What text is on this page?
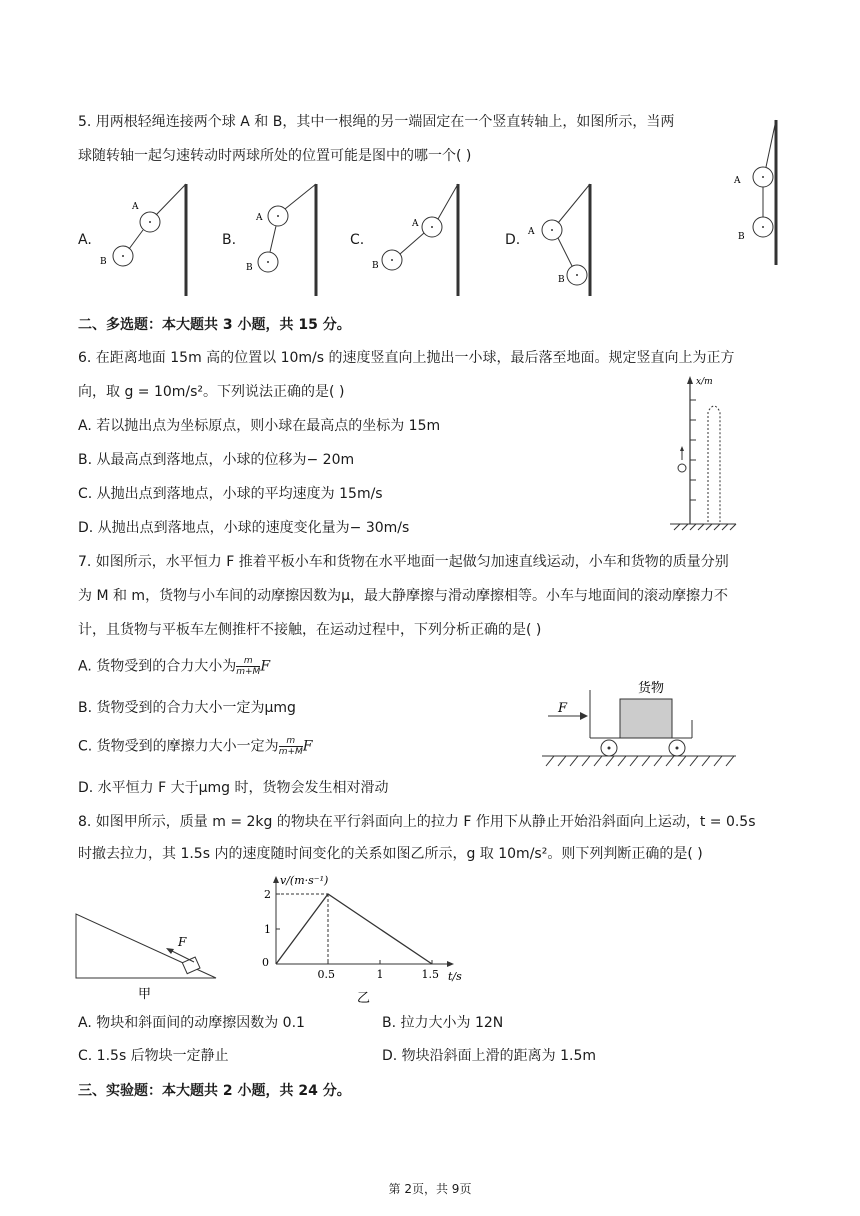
5. 用两根轻绳连接两个球 A 和 B，其中一根绳的另一端固定在一个竖直转轴上，如图所示，当两
球随转轴一起匀速转动时两球所处的位置可能是图中的哪一个( )
A
B
A.
A
B
B.
A
B
C.
A
B
D. A
B
二、多选题：本大题共 3 小题，共 15 分。
6. 在距离地面 15m 高的位置以 10m/s 的速度竖直向上抛出一小球，最后落至地面。规定竖直向上为正方
向，取 g = 10m/s²。下列说法正确的是( )
A. 若以抛出点为坐标原点，则小球在最高点的坐标为 15m
B. 从最高点到落地点，小球的位移为− 20m
C. 从抛出点到落地点，小球的平均速度为 15m/s
D. 从抛出点到落地点，小球的速度变化量为− 30m/s
x/m
7. 如图所示，水平恒力 F 推着平板小车和货物在水平地面一起做匀加速直线运动，小车和货物的质量分别
为 M 和 m，货物与小车间的动摩擦因数为μ，最大静摩擦与滑动摩擦相等。小车与地面间的滚动摩擦力不
计，且货物与平板车左侧推杆不接触，在运动过程中，下列分析正确的是( )
A. 货物受到的合力大小为 $\frac{m}{m+M}$ F
B. 货物受到的合力大小一定为μmg
C. 货物受到的摩擦力大小一定为 $\frac{m}{m+M}$ F
D. 水平恒力 F 大于μmg 时，货物会发生相对滑动
货物
F
8. 如图甲所示，质量 m = 2kg 的物块在平行斜面向上的拉力 F 作用下从静止开始沿斜面向上运动，t = 0.5s
时撤去拉力，其 1.5s 内的速度随时间变化的关系如图乙所示，g 取 10m/s²。则下列判断正确的是( )
F
甲
v/(m·s⁻¹)
t/s
乙
0
0.5	1	1.5
1
2
A. 物块和斜面间的动摩擦因数为 0.1	B. 拉力大小为 12N
C. 1.5s 后物块一定静止	D. 物块沿斜面上滑的距离为 1.5m
三、实验题：本大题共 2 小题，共 24 分。
第 2页，共 9页
